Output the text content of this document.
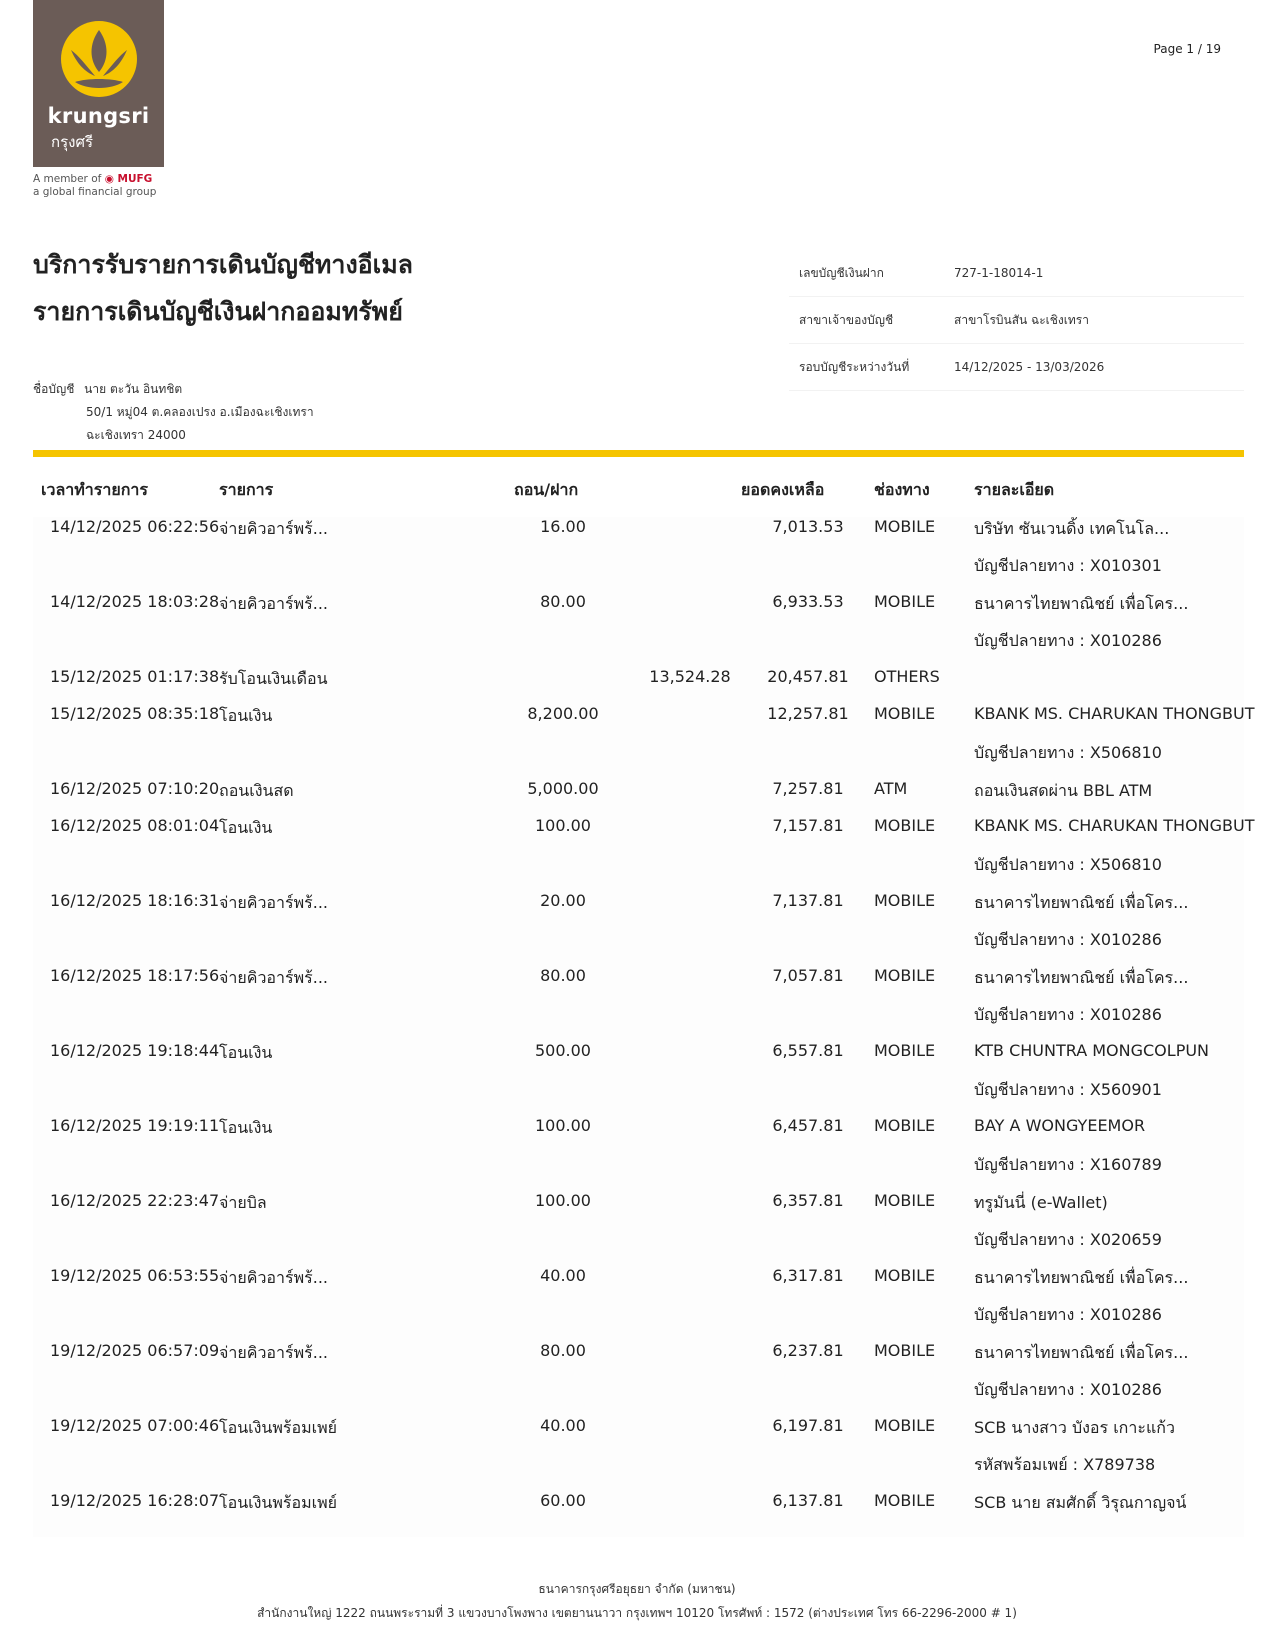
krungsri
กรุงศรี
A member of ◉ MUFG
a global financial group
Page 1 / 19
บริการรับรายการเดินบัญชีทางอีเมล
รายการเดินบัญชีเงินฝากออมทรัพย์
เลขบัญชีเงินฝาก	727-1-18014-1
สาขาเจ้าของบัญชี	สาขาโรบินสัน ฉะเชิงเทรา
รอบบัญชีระหว่างวันที่	14/12/2025 - 13/03/2026
ชื่อบัญชี นาย ตะวัน อินทชิต
50/1 หมู่04 ต.คลองเปรง อ.เมืองฉะเชิงเทรา
ฉะเชิงเทรา 24000
เวลาทำรายการ	รายการ	ถอน/ฝาก	ยอดคงเหลือ	ช่องทาง	รายละเอียด
14/12/2025 06:22:56 จ่ายคิวอาร์พร้...	16.00	7,013.53	MOBILE บริษัท ซันเวนดิ้ง เทคโนโล...
บัญชีปลายทาง : X010301
14/12/2025 18:03:28 จ่ายคิวอาร์พร้...	80.00	6,933.53	MOBILE ธนาคารไทยพาณิชย์ เพื่อโคร...
บัญชีปลายทาง : X010286
15/12/2025 01:17:38 รับโอนเงินเดือน	13,524.28	20,457.81	OTHERS
15/12/2025 08:35:18 โอนเงิน	8,200.00	12,257.81	MOBILE KBANK MS. CHARUKAN THONGBUT
บัญชีปลายทาง : X506810
16/12/2025 07:10:20 ถอนเงินสด	5,000.00	7,257.81	ATM	ถอนเงินสดผ่าน BBL ATM
16/12/2025 08:01:04 โอนเงิน	100.00	7,157.81	MOBILE KBANK MS. CHARUKAN THONGBUT
บัญชีปลายทาง : X506810
16/12/2025 18:16:31 จ่ายคิวอาร์พร้...	20.00	7,137.81	MOBILE ธนาคารไทยพาณิชย์ เพื่อโคร...
บัญชีปลายทาง : X010286
16/12/2025 18:17:56 จ่ายคิวอาร์พร้...	80.00	7,057.81	MOBILE ธนาคารไทยพาณิชย์ เพื่อโคร...
บัญชีปลายทาง : X010286
16/12/2025 19:18:44 โอนเงิน	500.00	6,557.81	MOBILE KTB CHUNTRA MONGCOLPUN
บัญชีปลายทาง : X560901
16/12/2025 19:19:11 โอนเงิน	100.00	6,457.81	MOBILE BAY A WONGYEEMOR
บัญชีปลายทาง : X160789
16/12/2025 22:23:47 จ่ายบิล	100.00	6,357.81	MOBILE ทรูมันนี่ (e-Wallet)
บัญชีปลายทาง : X020659
19/12/2025 06:53:55 จ่ายคิวอาร์พร้...	40.00	6,317.81	MOBILE ธนาคารไทยพาณิชย์ เพื่อโคร...
บัญชีปลายทาง : X010286
19/12/2025 06:57:09 จ่ายคิวอาร์พร้...	80.00	6,237.81	MOBILE ธนาคารไทยพาณิชย์ เพื่อโคร...
บัญชีปลายทาง : X010286
19/12/2025 07:00:46 โอนเงินพร้อมเพย์	40.00	6,197.81	MOBILE SCB นางสาว บังอร เกาะแก้ว
รหัสพร้อมเพย์ : X789738
19/12/2025 16:28:07 โอนเงินพร้อมเพย์	60.00	6,137.81	MOBILE SCB นาย สมศักดิ์ วิรุณกาญจน์
ธนาคารกรุงศรีอยุธยา จำกัด (มหาชน)
สำนักงานใหญ่ 1222 ถนนพระรามที่ 3 แขวงบางโพงพาง เขตยานนาวา กรุงเทพฯ 10120 โทรศัพท์ : 1572 (ต่างประเทศ โทร 66-2296-2000 # 1)
